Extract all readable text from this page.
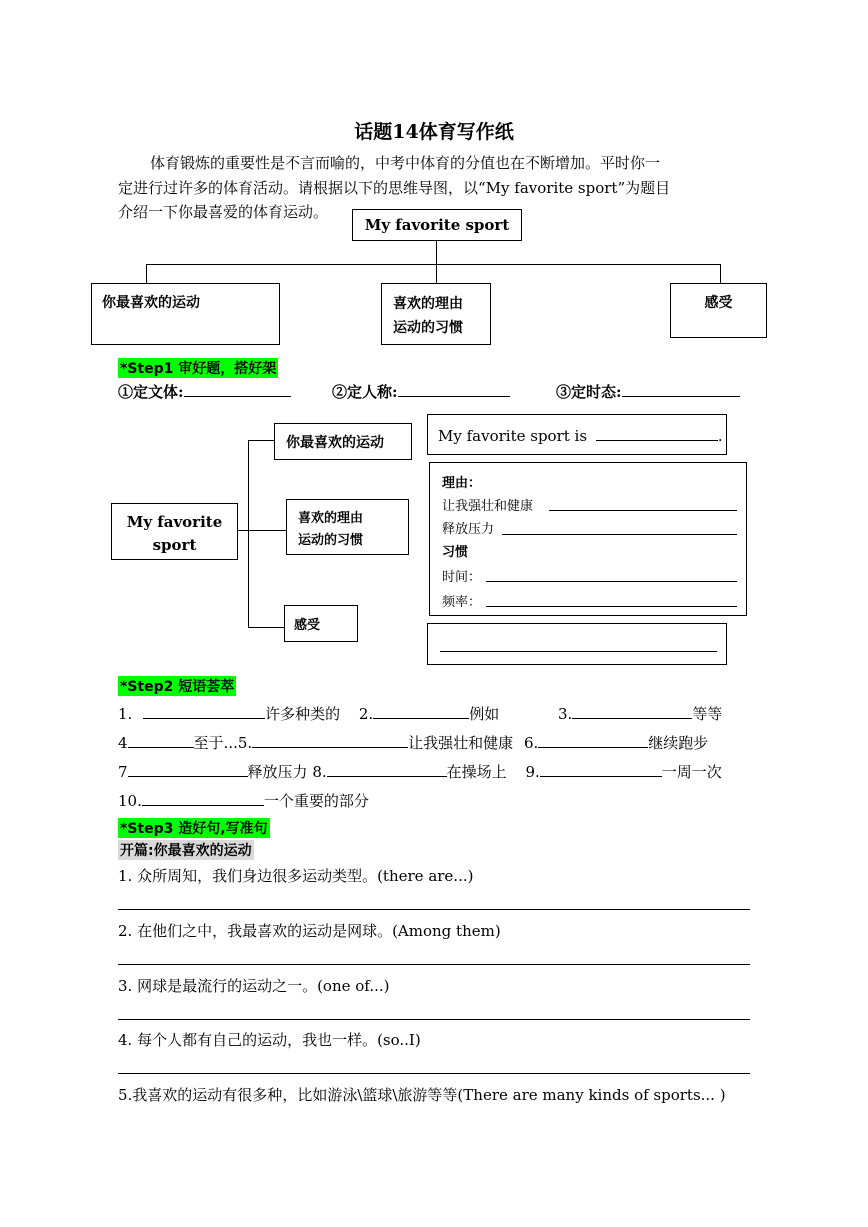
话题14体育写作纸
体育锻炼的重要性是不言而喻的，中考中体育的分值也在不断增加。平时你一
定进行过许多的体育活动。请根据以下的思维导图，以“My favorite sport”为题目
介绍一下你最喜爱的体育运动。
My favorite sport
你最喜欢的运动	喜欢的理由
运动的习惯
感受
*Step1 审好题，搭好架
①定文体:	②定人称:	③定时态:
My favorite
sport
你最喜欢的运动
喜欢的理由
运动的习惯
感受
My favorite sport is	.
理由：
让我强壮和健康
释放压力
习惯
时间：
频率：
*Step2 短语荟萃
1.	许多种类的 2.	例如	3.	等等
4	至于...5.	让我强壮和健康 6.	继续跑步
7	释放压力 8.	在操场上 9.	一周一次
10.	一个重要的部分
*Step3 造好句,写准句
开篇:你最喜欢的运动
1. 众所周知，我们身边很多运动类型。(there are...)
2. 在他们之中，我最喜欢的运动是网球。(Among them)
3. 网球是最流行的运动之一。(one of...)
4. 每个人都有自己的运动，我也一样。(so..I)
5.我喜欢的运动有很多种，比如游泳\篮球\旅游等等(There are many kinds of sports... )
